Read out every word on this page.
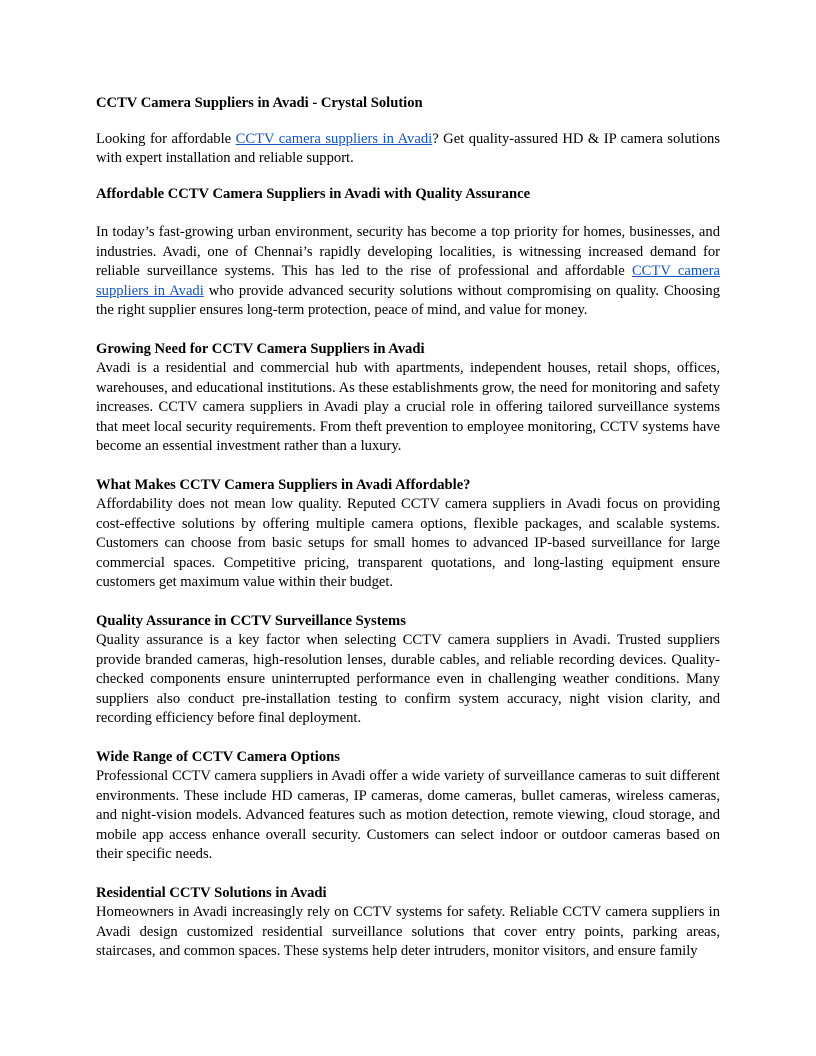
CCTV Camera Suppliers in Avadi - Crystal Solution

Looking for affordable CCTV camera suppliers in Avadi? Get quality-assured HD & IP camera solutions with expert installation and reliable support.

Affordable CCTV Camera Suppliers in Avadi with Quality Assurance

In today’s fast-growing urban environment, security has become a top priority for homes, businesses, and industries. Avadi, one of Chennai’s rapidly developing localities, is witnessing increased demand for reliable surveillance systems. This has led to the rise of professional and affordable CCTV camera suppliers in Avadi who provide advanced security solutions without compromising on quality. Choosing the right supplier ensures long-term protection, peace of mind, and value for money.

Growing Need for CCTV Camera Suppliers in Avadi

Avadi is a residential and commercial hub with apartments, independent houses, retail shops, offices, warehouses, and educational institutions. As these establishments grow, the need for monitoring and safety increases. CCTV camera suppliers in Avadi play a crucial role in offering tailored surveillance systems that meet local security requirements. From theft prevention to employee monitoring, CCTV systems have become an essential investment rather than a luxury.

What Makes CCTV Camera Suppliers in Avadi Affordable?

Affordability does not mean low quality. Reputed CCTV camera suppliers in Avadi focus on providing cost-effective solutions by offering multiple camera options, flexible packages, and scalable systems. Customers can choose from basic setups for small homes to advanced IP-based surveillance for large commercial spaces. Competitive pricing, transparent quotations, and long-lasting equipment ensure customers get maximum value within their budget.

Quality Assurance in CCTV Surveillance Systems

Quality assurance is a key factor when selecting CCTV camera suppliers in Avadi. Trusted suppliers provide branded cameras, high-resolution lenses, durable cables, and reliable recording devices. Quality-checked components ensure uninterrupted performance even in challenging weather conditions. Many suppliers also conduct pre-installation testing to confirm system accuracy, night vision clarity, and recording efficiency before final deployment.

Wide Range of CCTV Camera Options

Professional CCTV camera suppliers in Avadi offer a wide variety of surveillance cameras to suit different environments. These include HD cameras, IP cameras, dome cameras, bullet cameras, wireless cameras, and night-vision models. Advanced features such as motion detection, remote viewing, cloud storage, and mobile app access enhance overall security. Customers can select indoor or outdoor cameras based on their specific needs.

Residential CCTV Solutions in Avadi

Homeowners in Avadi increasingly rely on CCTV systems for safety. Reliable CCTV camera suppliers in Avadi design customized residential surveillance solutions that cover entry points, parking areas, staircases, and common spaces. These systems help deter intruders, monitor visitors, and ensure family
